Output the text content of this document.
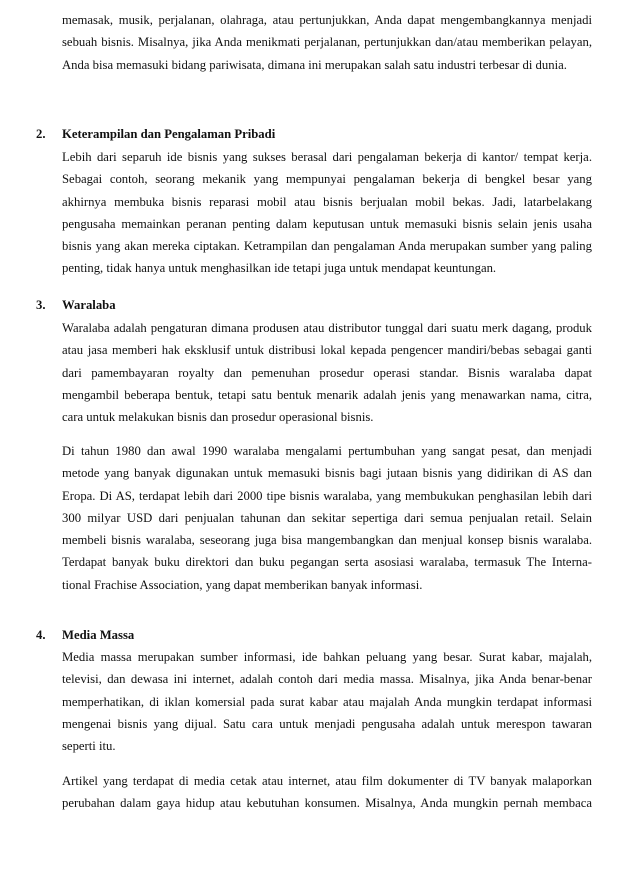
memasak, musik, perjalanan, olahraga, atau pertunjukkan, Anda dapat mengembangkannya menjadi
sebuah bisnis. Misalnya, jika Anda menikmati perjalanan, pertunjukkan dan/atau memberikan pelayan,
Anda bisa memasuki bidang pariwisata, dimana ini merupakan salah satu industri terbesar di dunia.
2. Keterampilan dan Pengalaman Pribadi
Lebih dari separuh ide bisnis yang sukses berasal dari pengalaman bekerja di kantor/ tempat kerja.
Sebagai contoh, seorang mekanik yang mempunyai pengalaman bekerja di bengkel besar yang
akhirnya membuka bisnis reparasi mobil atau bisnis berjualan mobil bekas. Jadi, latarbelakang
pengusaha memainkan peranan penting dalam keputusan untuk memasuki bisnis selain jenis usaha
bisnis yang akan mereka ciptakan. Ketrampilan dan pengalaman Anda merupakan sumber yang paling
penting, tidak hanya untuk menghasilkan ide tetapi juga untuk mendapat keuntungan.
3. Waralaba
Waralaba adalah pengaturan dimana produsen atau distributor tunggal dari suatu merk dagang, produk
atau jasa memberi hak eksklusif untuk distribusi lokal kepada pengencer mandiri/bebas sebagai ganti
dari pamembayaran royalty dan pemenuhan prosedur operasi standar. Bisnis waralaba dapat
mengambil beberapa bentuk, tetapi satu bentuk menarik adalah jenis yang menawarkan nama, citra,
cara untuk melakukan bisnis dan prosedur operasional bisnis.
Di tahun 1980 dan awal 1990 waralaba mengalami pertumbuhan yang sangat pesat, dan menjadi
metode yang banyak digunakan untuk memasuki bisnis bagi jutaan bisnis yang didirikan di AS dan
Eropa. Di AS, terdapat lebih dari 2000 tipe bisnis waralaba, yang membukukan penghasilan lebih dari
300 milyar USD dari penjualan tahunan dan sekitar sepertiga dari semua penjualan retail. Selain
membeli bisnis waralaba, seseorang juga bisa mangembangkan dan menjual konsep bisnis waralaba.
Terdapat banyak buku direktori dan buku pegangan serta asosiasi waralaba, termasuk The Interna-
tional Frachise Association, yang dapat memberikan banyak informasi.
4. Media Massa
Media massa merupakan sumber informasi, ide bahkan peluang yang besar. Surat kabar, majalah,
televisi, dan dewasa ini internet, adalah contoh dari media massa. Misalnya, jika Anda benar-benar
memperhatikan, di iklan komersial pada surat kabar atau majalah Anda mungkin terdapat informasi
mengenai bisnis yang dijual. Satu cara untuk menjadi pengusaha adalah untuk merespon tawaran
seperti itu.
Artikel yang terdapat di media cetak atau internet, atau film dokumenter di TV banyak malaporkan
perubahan dalam gaya hidup atau kebutuhan konsumen. Misalnya, Anda mungkin pernah membaca
